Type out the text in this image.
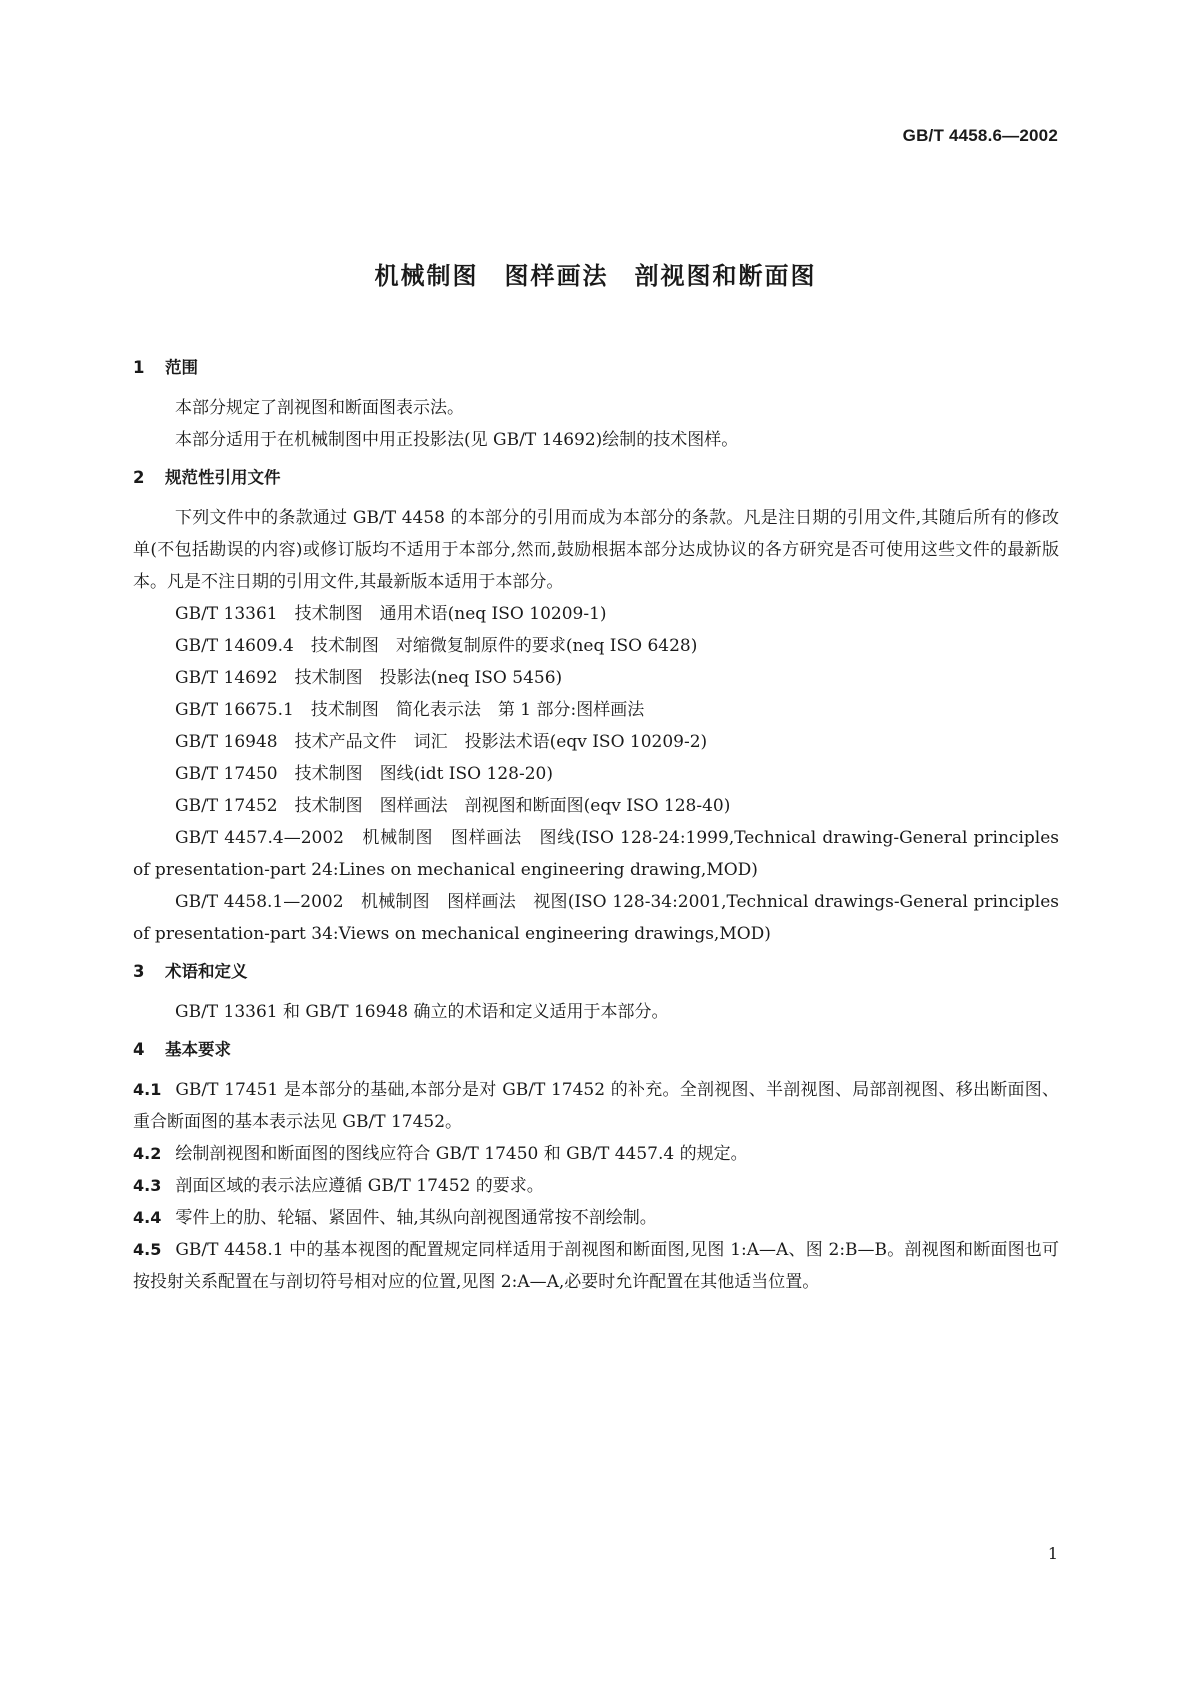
GB/T 4458.6—2002
机械制图　图样画法　剖视图和断面图
1 范围

本部分规定了剖视图和断面图表示法。

本部分适用于在机械制图中用正投影法(见 GB/T 14692)绘制的技术图样。

2 规范性引用文件

下列文件中的条款通过 GB/T 4458 的本部分的引用而成为本部分的条款。凡是注日期的引用文件,其随后所有的修改单(不包括勘误的内容)或修订版均不适用于本部分,然而,鼓励根据本部分达成协议的各方研究是否可使用这些文件的最新版本。凡是不注日期的引用文件,其最新版本适用于本部分。

GB/T 13361　技术制图　通用术语(neq ISO 10209-1)

GB/T 14609.4　技术制图　对缩微复制原件的要求(neq ISO 6428)

GB/T 14692　技术制图　投影法(neq ISO 5456)

GB/T 16675.1　技术制图　简化表示法　第 1 部分:图样画法

GB/T 16948　技术产品文件　词汇　投影法术语(eqv ISO 10209-2)

GB/T 17450　技术制图　图线(idt ISO 128-20)

GB/T 17452　技术制图　图样画法　剖视图和断面图(eqv ISO 128-40)

GB/T 4457.4—2002　机械制图　图样画法　图线(ISO 128-24:1999,Technical drawing-General principles of presentation-part 24:Lines on mechanical engineering drawing,MOD)

GB/T 4458.1—2002　机械制图　图样画法　视图(ISO 128-34:2001,Technical drawings-General principles of presentation-part 34:Views on mechanical engineering drawings,MOD)

3 术语和定义

GB/T 13361 和 GB/T 16948 确立的术语和定义适用于本部分。

4 基本要求

4.1 GB/T 17451 是本部分的基础,本部分是对 GB/T 17452 的补充。全剖视图、半剖视图、局部剖视图、移出断面图、重合断面图的基本表示法见 GB/T 17452。

4.2 绘制剖视图和断面图的图线应符合 GB/T 17450 和 GB/T 4457.4 的规定。

4.3 剖面区域的表示法应遵循 GB/T 17452 的要求。

4.4 零件上的肋、轮辐、紧固件、轴,其纵向剖视图通常按不剖绘制。

4.5 GB/T 4458.1 中的基本视图的配置规定同样适用于剖视图和断面图,见图 1:A—A、图 2:B—B。剖视图和断面图也可按投射关系配置在与剖切符号相对应的位置,见图 2:A—A,必要时允许配置在其他适当位置。

1
